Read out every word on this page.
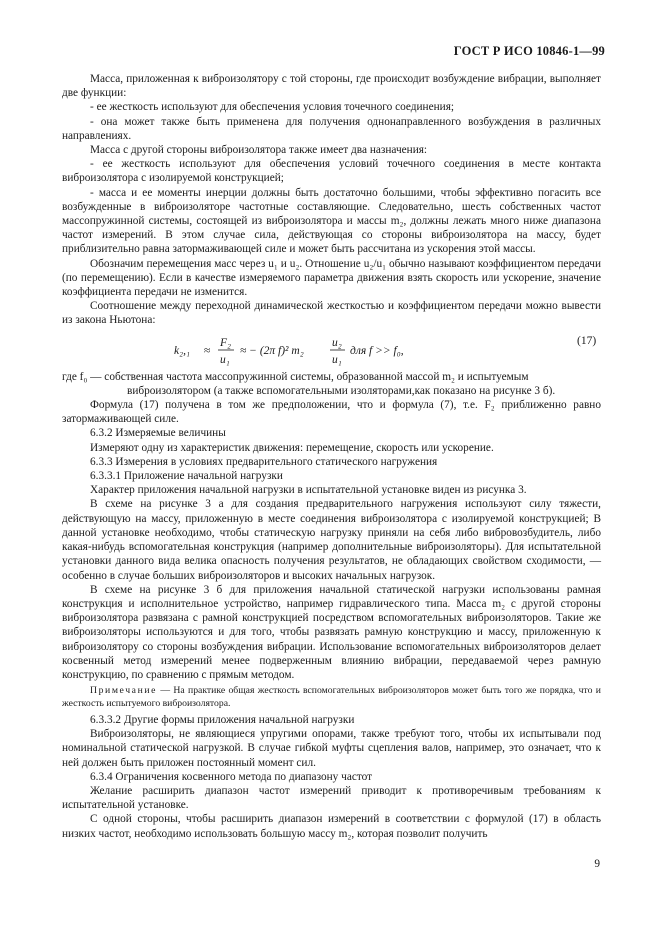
ГОСТ Р ИСО 10846-1—99

Масса, приложенная к виброизолятору с той стороны, где происходит возбуждение вибрации, выполняет две функции:

- ее жесткость используют для обеспечения условия точечного соединения;

- она может также быть применена для получения однонаправленного возбуждения в различных направлениях.

Масса с другой стороны виброизолятора также имеет два назначения:

- ее жесткость используют для обеспечения условий точечного соединения в месте контакта виброизолятора с изолируемой конструкцией;

- масса и ее моменты инерции должны быть достаточно большими, чтобы эффективно погасить все возбужденные в виброизоляторе частотные составляющие. Следовательно, шесть собственных частот массопружинной системы, состоящей из виброизолятора и массы m₂, должны лежать много ниже диапазона частот измерений. В этом случае сила, действующая со стороны виброизолятора на массу, будет приблизительно равна затормаживающей силе и может быть рассчитана из ускорения этой массы.

Обозначим перемещения масс через u₁ и u₂. Отношение u₂/u₁ обычно называют коэффициентом передачи (по перемещению). Если в качестве измеряемого параметра движения взять скорость или ускорение, значение коэффициента передачи не изменится.

Соотношение между переходной динамической жесткостью и коэффициентом передачи можно вывести из закона Ньютона:

k₂,₁ ≈
F₂
u₁
≈ − (2π f)² m₂
u₂
u₁
для f >> f₀,
(17)

где f₀ — собственная частота массопружинной системы, образованной массой m₂ и испытуемым

виброизолятором (а также вспомогательными изоляторами,как показано на рисунке 3 б).

Формула (17) получена в том же предположении, что и формула (7), т.е. F₂ приближенно равно затормаживающей силе.

6.3.2 Измеряемые величины

Измеряют одну из характеристик движения: перемещение, скорость или ускорение.

6.3.3 Измерения в условиях предварительного статического нагружения

6.3.3.1 Приложение начальной нагрузки

Характер приложения начальной нагрузки в испытательной установке виден из рисунка 3.

В схеме на рисунке 3 а для создания предварительного нагружения используют силу тяжести, действующую на массу, приложенную в месте соединения виброизолятора с изолируемой конструкцией; В данной установке необходимо, чтобы статическую нагрузку приняли на себя либо вибровозбудитель, либо какая-нибудь вспомогательная конструкция (например дополнительные виброизоляторы). Для испытательной установки данного вида велика опасность получения результатов, не обладающих свойством сходимости, — особенно в случае больших виброизоляторов и высоких начальных нагрузок.

В схеме на рисунке 3 б для приложения начальной статической нагрузки использованы рамная конструкция и исполнительное устройство, например гидравлического типа. Масса m₂ с другой стороны виброизолятора развязана с рамной конструкцией посредством вспомогательных виброизоляторов. Такие же виброизоляторы используются и для того, чтобы развязать рамную конструкцию и массу, приложенную к виброизолятору со стороны возбуждения вибрации. Использование вспомогательных виброизоляторов делает косвенный метод измерений менее подверженным влиянию вибрации, передаваемой через рамную конструкцию, по сравнению с прямым методом.

Примечание — На практике общая жесткость вспомогательных виброизоляторов может быть того же порядка, что и жесткость испытуемого виброизолятора.

6.3.3.2 Другие формы приложения начальной нагрузки

Виброизоляторы, не являющиеся упругими опорами, также требуют того, чтобы их испытывали под номинальной статической нагрузкой. В случае гибкой муфты сцепления валов, например, это означает, что к ней должен быть приложен постоянный момент сил.

6.3.4 Ограничения косвенного метода по диапазону частот

Желание расширить диапазон частот измерений приводит к противоречивым требованиям к испытательной установке.

С одной стороны, чтобы расширить диапазон измерений в соответствии с формулой (17) в область низких частот, необходимо использовать большую массу m₂, которая позволит получить

9
